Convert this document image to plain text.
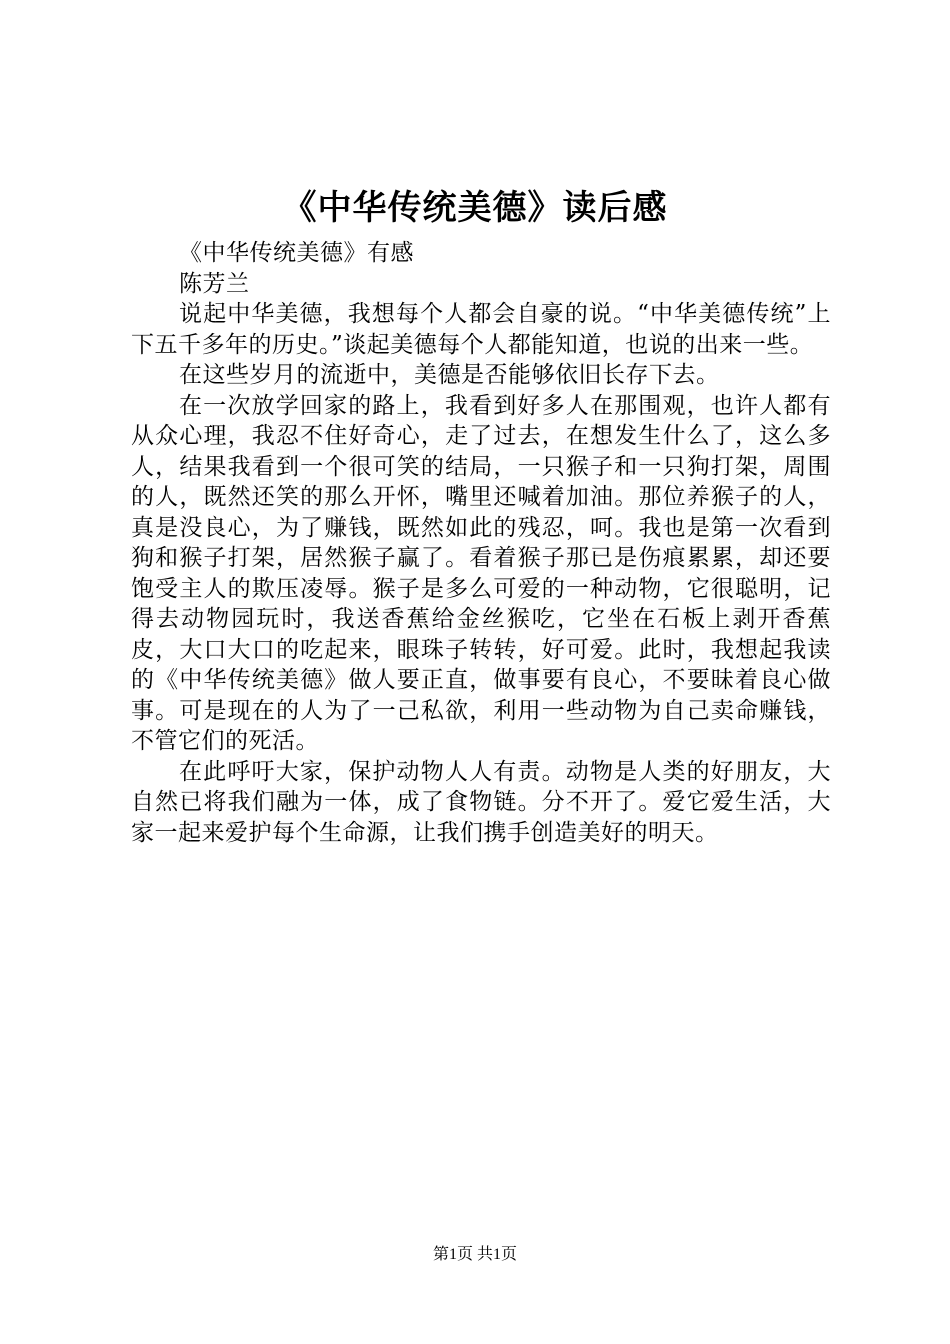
《中华传统美德》读后感

《中华传统美德》有感

陈芳兰

说起中华美德，我想每个人都会自豪的说。“中华美德传统”上下五千多年的历史。”谈起美德每个人都能知道，也说的出来一些。

在这些岁月的流逝中，美德是否能够依旧长存下去。

在一次放学回家的路上，我看到好多人在那围观，也许人都有从众心理，我忍不住好奇心，走了过去，在想发生什么了，这么多人，结果我看到一个很可笑的结局，一只猴子和一只狗打架，周围的人，既然还笑的那么开怀，嘴里还喊着加油。那位养猴子的人，真是没良心，为了赚钱，既然如此的残忍，呵。我也是第一次看到狗和猴子打架，居然猴子赢了。看着猴子那已是伤痕累累，却还要饱受主人的欺压凌辱。猴子是多么可爱的一种动物，它很聪明，记得去动物园玩时，我送香蕉给金丝猴吃，它坐在石板上剥开香蕉皮，大口大口的吃起来，眼珠子转转，好可爱。此时，我想起我读的《中华传统美德》做人要正直，做事要有良心，不要昧着良心做事。可是现在的人为了一己私欲，利用一些动物为自己卖命赚钱，不管它们的死活。

在此呼吁大家，保护动物人人有责。动物是人类的好朋友，大自然已将我们融为一体，成了食物链。分不开了。爱它爱生活，大家一起来爱护每个生命源，让我们携手创造美好的明天。

第1页 共1页
